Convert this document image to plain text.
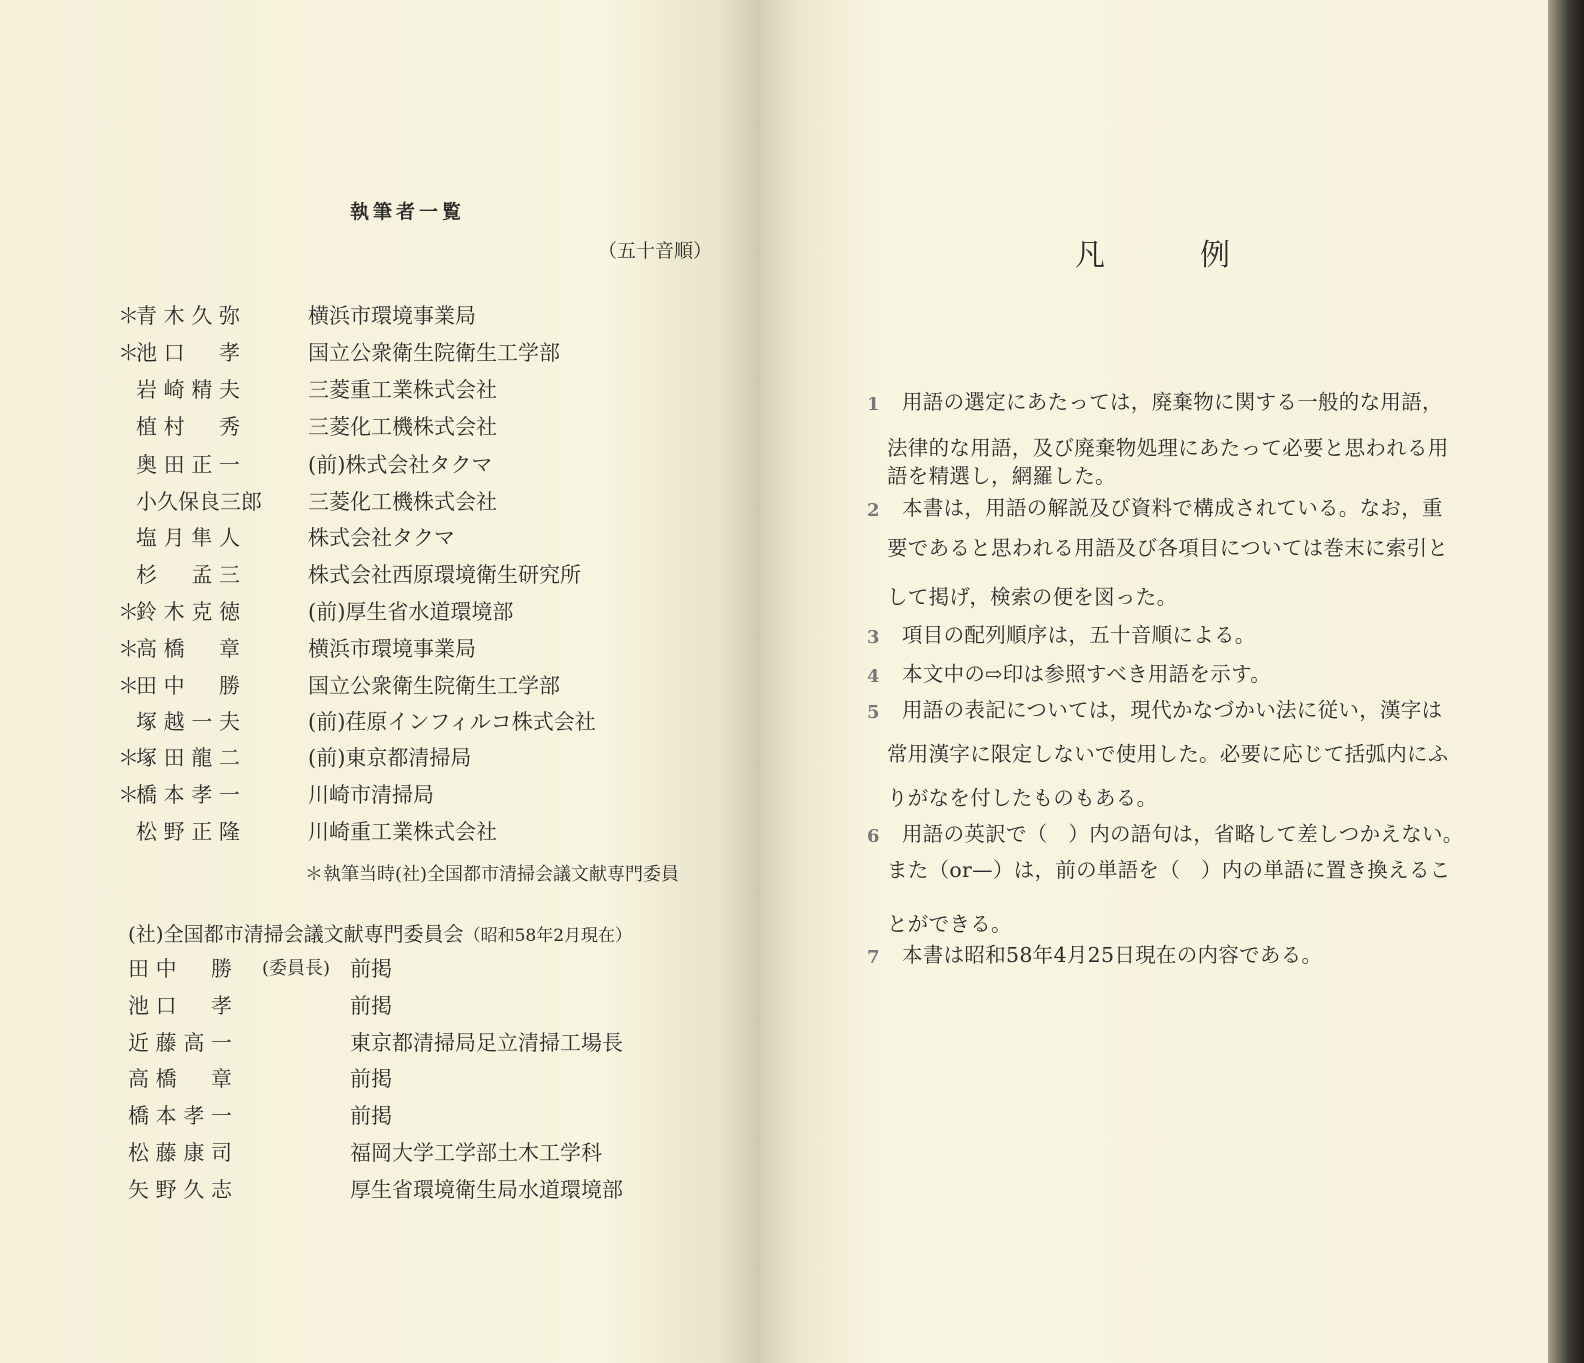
執筆者一覧
（五十音順）
＊
青 木 久 弥	横浜市環境事業局
＊
池 口 　 孝	国立公衆衛生院衛生工学部
岩 崎 精 夫	三菱重工業株式会社
植 村 　 秀	三菱化工機株式会社
奥 田 正 一	(前)株式会社タクマ
小久保良三郎 三菱化工機株式会社
塩 月 隼 人	株式会社タクマ
杉 　 孟 三	株式会社西原環境衛生研究所
＊
鈴 木 克 徳	(前)厚生省水道環境部
＊
高 橋 　 章	横浜市環境事業局
＊
田 中 　 勝	国立公衆衛生院衛生工学部
塚 越 一 夫	(前)荏原インフィルコ株式会社
＊
塚 田 龍 二	(前)東京都清掃局
＊
橋 本 孝 一	川崎市清掃局
松 野 正 隆	川崎重工業株式会社
＊執筆当時(社)全国都市清掃会議文献専門委員
(社)全国都市清掃会議文献専門委員会（昭和58年2月現在）
田 中 　 勝 (委員長) 前掲
池 口 　 孝	前掲
近 藤 高 一	東京都清掃局足立清掃工場長
高 橋 　 章	前掲
橋 本 孝 一	前掲
松 藤 康 司	福岡大学工学部土木工学科
矢 野 久 志	厚生省環境衛生局水道環境部
凡	例
1 用語の選定にあたっては，廃棄物に関する一般的な用語，
法律的な用語，及び廃棄物処理にあたって必要と思われる用
語を精選し，網羅した。
2 本書は，用語の解説及び資料で構成されている。なお，重
要であると思われる用語及び各項目については巻末に索引と
して掲げ，検索の便を図った。
3 項目の配列順序は，五十音順による。
4 本文中の⇨印は参照すべき用語を示す。
5 用語の表記については，現代かなづかい法に従い，漢字は
常用漢字に限定しないで使用した。必要に応じて括弧内にふ
りがなを付したものもある。
6 用語の英訳で（　）内の語句は，省略して差しつかえない。
また（or—）は，前の単語を（　）内の単語に置き換えるこ
とができる。
7 本書は昭和58年4月25日現在の内容である。
